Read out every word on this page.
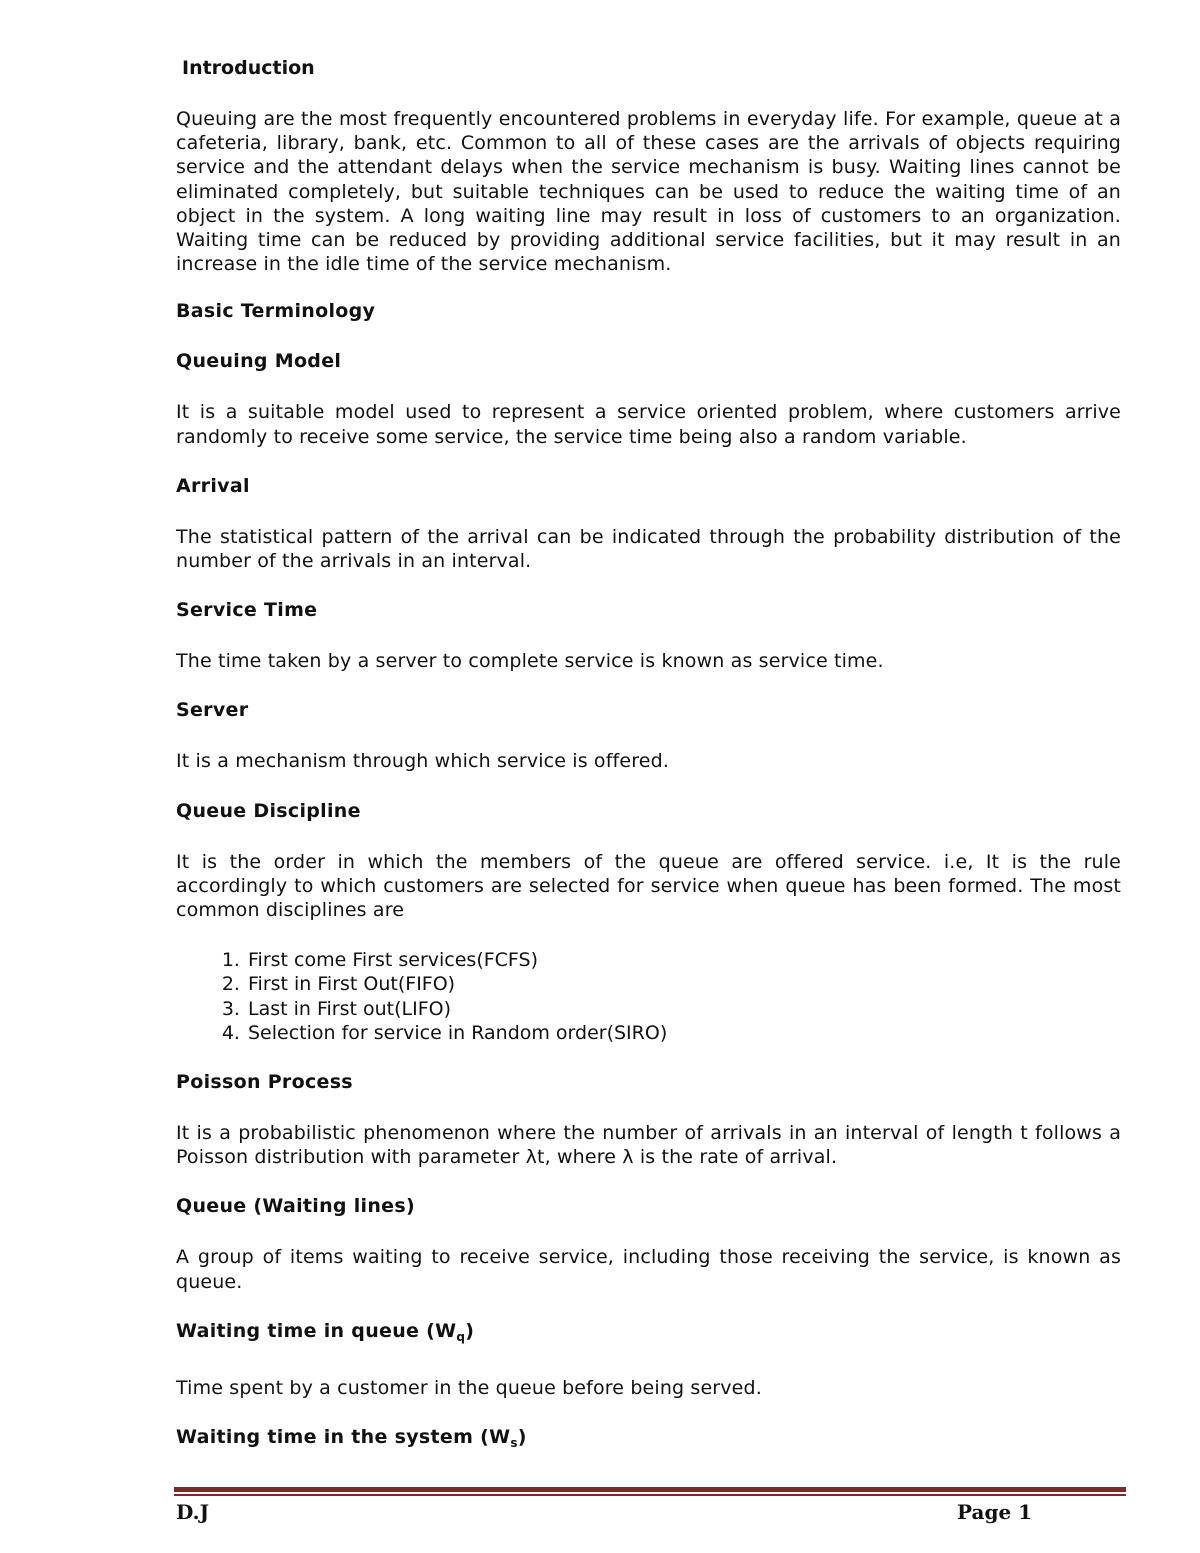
Introduction

Queuing are the most frequently encountered problems in everyday life. For example, queue at a cafeteria, library, bank, etc. Common to all of these cases are the arrivals of objects requiring service and the attendant delays when the service mechanism is busy. Waiting lines cannot be eliminated completely, but suitable techniques can be used to reduce the waiting time of an object in the system. A long waiting line may result in loss of customers to an organization. Waiting time can be reduced by providing additional service facilities, but it may result in an increase in the idle time of the service mechanism.

Basic Terminology
Queuing Model

It is a suitable model used to represent a service oriented problem, where customers arrive randomly to receive some service, the service time being also a random variable.

Arrival

The statistical pattern of the arrival can be indicated through the probability distribution of the number of the arrivals in an interval.

Service Time

The time taken by a server to complete service is known as service time.

Server

It is a mechanism through which service is offered.

Queue Discipline

It is the order in which the members of the queue are offered service. i.e, It is the rule accordingly to which customers are selected for service when queue has been formed. The most common disciplines are

1. First come First services(FCFS)
2. First in First Out(FIFO)
3. Last in First out(LIFO)
4. Selection for service in Random order(SIRO)
Poisson Process

It is a probabilistic phenomenon where the number of arrivals in an interval of length t follows a Poisson distribution with parameter λt, where λ is the rate of arrival.

Queue (Waiting lines)

A group of items waiting to receive service, including those receiving the service, is known as queue.

Waiting time in queue $(W_q)$

Time spent by a customer in the queue before being served.

Waiting time in the system $(W_s)$
D.J	Page 1
